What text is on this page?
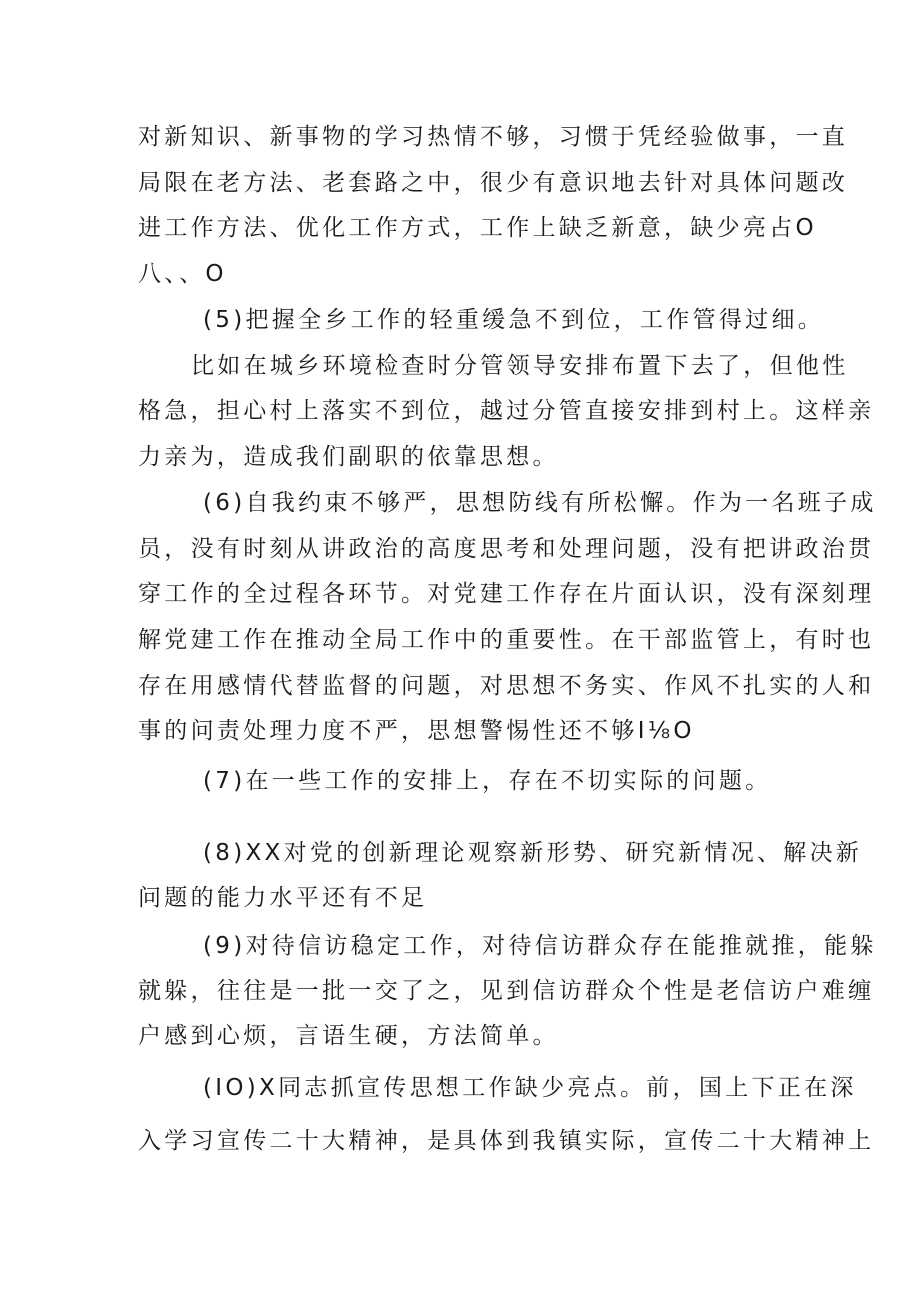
对新知识、新事物的学习热情不够，习惯于凭经验做事，一直
局限在老方法、老套路之中，很少有意识地去针对具体问题改
进工作方法、优化工作方式，工作上缺乏新意，缺少亮占O
八、、O
(5)把握全乡工作的轻重缓急不到位，工作管得过细。
比如在城乡环境检查时分管领导安排布置下去了，但他性
格急，担心村上落实不到位，越过分管直接安排到村上。这样亲
力亲为，造成我们副职的依靠思想。
(6)自我约束不够严，思想防线有所松懈。作为一名班子成
员，没有时刻从讲政治的高度思考和处理问题，没有把讲政治贯
穿工作的全过程各环节。对党建工作存在片面认识，没有深刻理
解党建工作在推动全局工作中的重要性。在干部监管上，有时也
存在用感情代替监督的问题，对思想不务实、作风不扎实的人和
事的问责处理力度不严，思想警惕性还不够I⅛O
(7)在一些工作的安排上，存在不切实际的问题。
(8)XX对党的创新理论观察新形势、研究新情况、解决新
问题的能力水平还有不足
(9)对待信访稳定工作，对待信访群众存在能推就推，能躲
就躲，往往是一批一交了之，见到信访群众个性是老信访户难缠
户感到心烦，言语生硬，方法简单。
(IO)X同志抓宣传思想工作缺少亮点。前，国上下正在深
入学习宣传二十大精神，是具体到我镇实际，宣传二十大精神上
